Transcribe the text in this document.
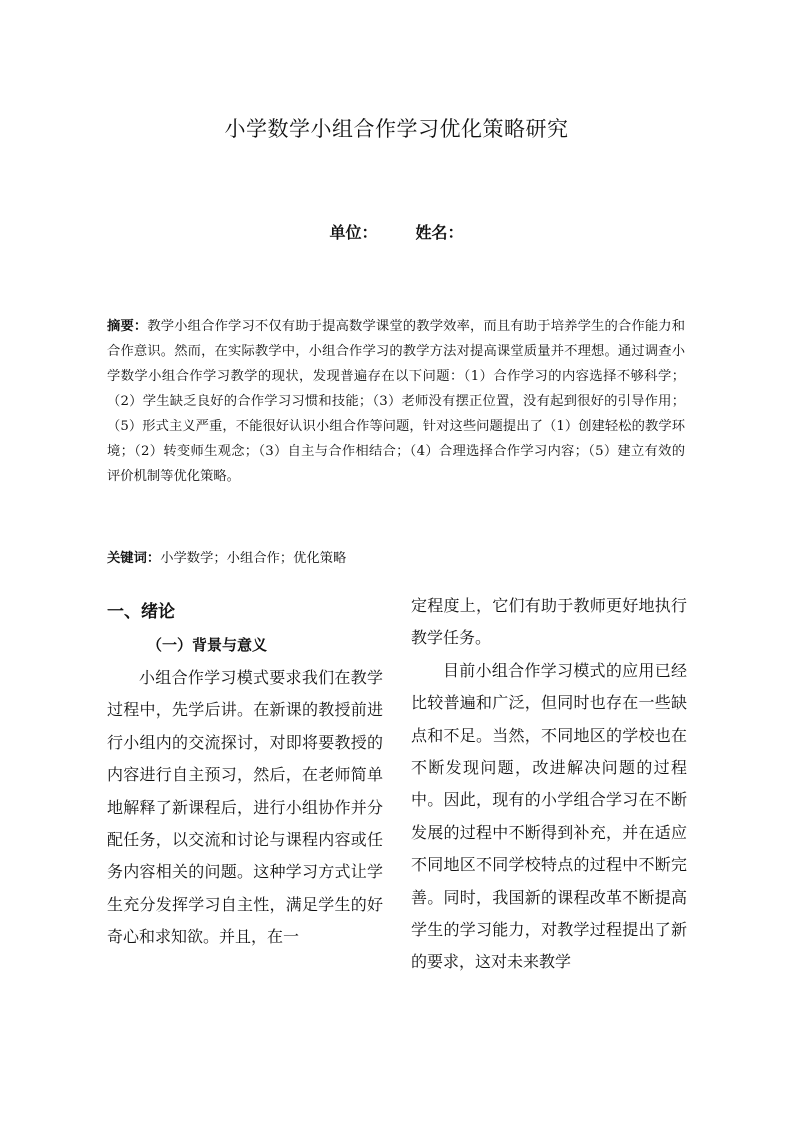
小学数学小组合作学习优化策略研究
单位： 姓名：

摘要：教学小组合作学习不仅有助于提高数学课堂的教学效率，而且有助于培养学生的合作能力和合作意识。然而，在实际教学中，小组合作学习的教学方法对提高课堂质量并不理想。通过调查小学数学小组合作学习教学的现状，发现普遍存在以下问题：（1）合作学习的内容选择不够科学；（2）学生缺乏良好的合作学习习惯和技能；（3）老师没有摆正位置，没有起到很好的引导作用；（5）形式主义严重，不能很好认识小组合作等问题，针对这些问题提出了（1）创建轻松的教学环境；（2）转变师生观念；（3）自主与合作相结合；（4）合理选择合作学习内容；（5）建立有效的评价机制等优化策略。

关键词：小学数学；小组合作；优化策略

一、绪论
（一）背景与意义

小组合作学习模式要求我们在教学过程中，先学后讲。在新课的教授前进行小组内的交流探讨，对即将要教授的内容进行自主预习，然后，在老师简单地解释了新课程后，进行小组协作并分配任务，以交流和讨论与课程内容或任务内容相关的问题。这种学习方式让学生充分发挥学习自主性，满足学生的好奇心和求知欲。并且，在一

定程度上，它们有助于教师更好地执行教学任务。

目前小组合作学习模式的应用已经比较普遍和广泛，但同时也存在一些缺点和不足。当然，不同地区的学校也在不断发现问题，改进解决问题的过程中。因此，现有的小学组合学习在不断发展的过程中不断得到补充，并在适应不同地区不同学校特点的过程中不断完善。同时，我国新的课程改革不断提高学生的学习能力，对教学过程提出了新的要求，这对未来教学
